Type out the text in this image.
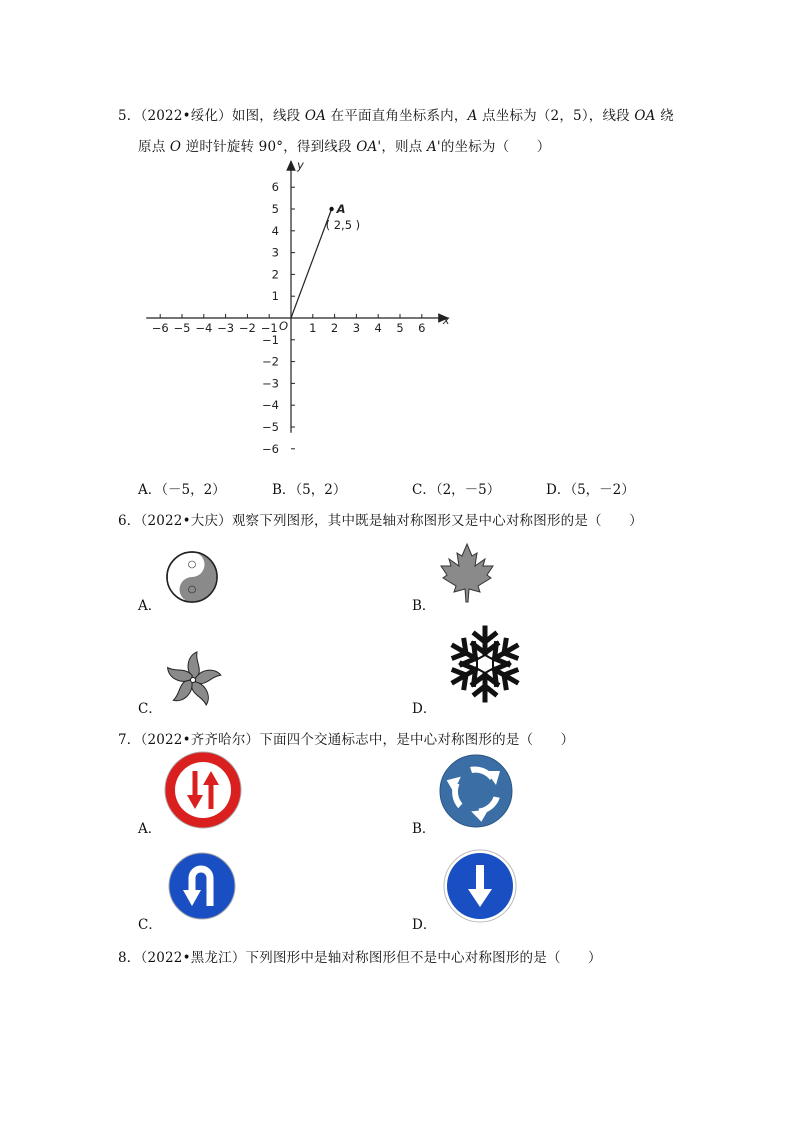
5．（2022•绥化）如图，线段 OA 在平面直角坐标系内，A 点坐标为（2，5），线段 OA 绕
原点 O 逆时针旋转 90°，得到线段 OA'，则点 A'的坐标为（　　）
x
y
O
−6 −5 −4 −3 −2 −1	1 2 3 4 5 6
6
5
4
3
2
1
−1
−2
−3
−4
−5
−6
A
( 2,5 )
A．（－5，2）	B．（5，2）	C．（2，－5）	D．（5，－2）
6．（2022•大庆）观察下列图形，其中既是轴对称图形又是中心对称图形的是（　　）
A．	B．
C．	D．
7．（2022•齐齐哈尔）下面四个交通标志中，是中心对称图形的是（　　）
A．	B．
C．	D．
8．（2022•黑龙江）下列图形中是轴对称图形但不是中心对称图形的是（　　）
